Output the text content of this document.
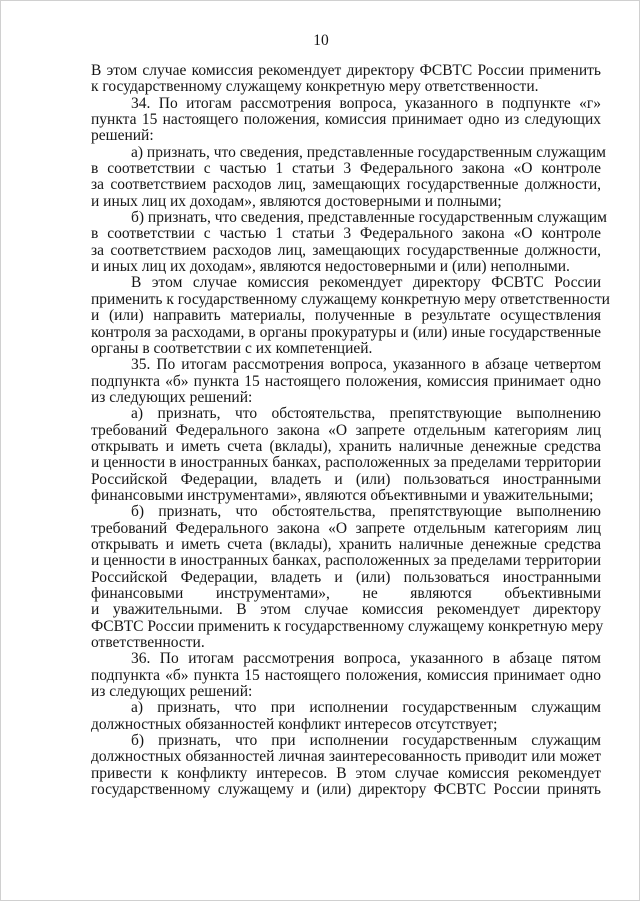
10
В этом случае комиссия рекомендует директору ФСВТС России применить
к государственному служащему конкретную меру ответственности.
34. По итогам рассмотрения вопроса, указанного в подпункте «г»
пункта 15 настоящего положения, комиссия принимает одно из следующих
решений:
а) признать, что сведения, представленные государственным служащим
в соответствии с частью 1 статьи 3 Федерального закона «О контроле
за соответствием расходов лиц, замещающих государственные должности,
и иных лиц их доходам», являются достоверными и полными;
б) признать, что сведения, представленные государственным служащим
в соответствии с частью 1 статьи 3 Федерального закона «О контроле
за соответствием расходов лиц, замещающих государственные должности,
и иных лиц их доходам», являются недостоверными и (или) неполными.
В этом случае комиссия рекомендует директору ФСВТС России
применить к государственному служащему конкретную меру ответственности
и (или) направить материалы, полученные в результате осуществления
контроля за расходами, в органы прокуратуры и (или) иные государственные
органы в соответствии с их компетенцией.
35. По итогам рассмотрения вопроса, указанного в абзаце четвертом
подпункта «б» пункта 15 настоящего положения, комиссия принимает одно
из следующих решений:
а) признать, что обстоятельства, препятствующие выполнению
требований Федерального закона «О запрете отдельным категориям лиц
открывать и иметь счета (вклады), хранить наличные денежные средства
и ценности в иностранных банках, расположенных за пределами территории
Российской Федерации, владеть и (или) пользоваться иностранными
финансовыми инструментами», являются объективными и уважительными;
б) признать, что обстоятельства, препятствующие выполнению
требований Федерального закона «О запрете отдельным категориям лиц
открывать и иметь счета (вклады), хранить наличные денежные средства
и ценности в иностранных банках, расположенных за пределами территории
Российской Федерации, владеть и (или) пользоваться иностранными
финансовыми инструментами», не являются объективными
и уважительными. В этом случае комиссия рекомендует директору
ФСВТС России применить к государственному служащему конкретную меру
ответственности.
36. По итогам рассмотрения вопроса, указанного в абзаце пятом
подпункта «б» пункта 15 настоящего положения, комиссия принимает одно
из следующих решений:
а) признать, что при исполнении государственным служащим
должностных обязанностей конфликт интересов отсутствует;
б) признать, что при исполнении государственным служащим
должностных обязанностей личная заинтересованность приводит или может
привести к конфликту интересов. В этом случае комиссия рекомендует
государственному служащему и (или) директору ФСВТС России принять
